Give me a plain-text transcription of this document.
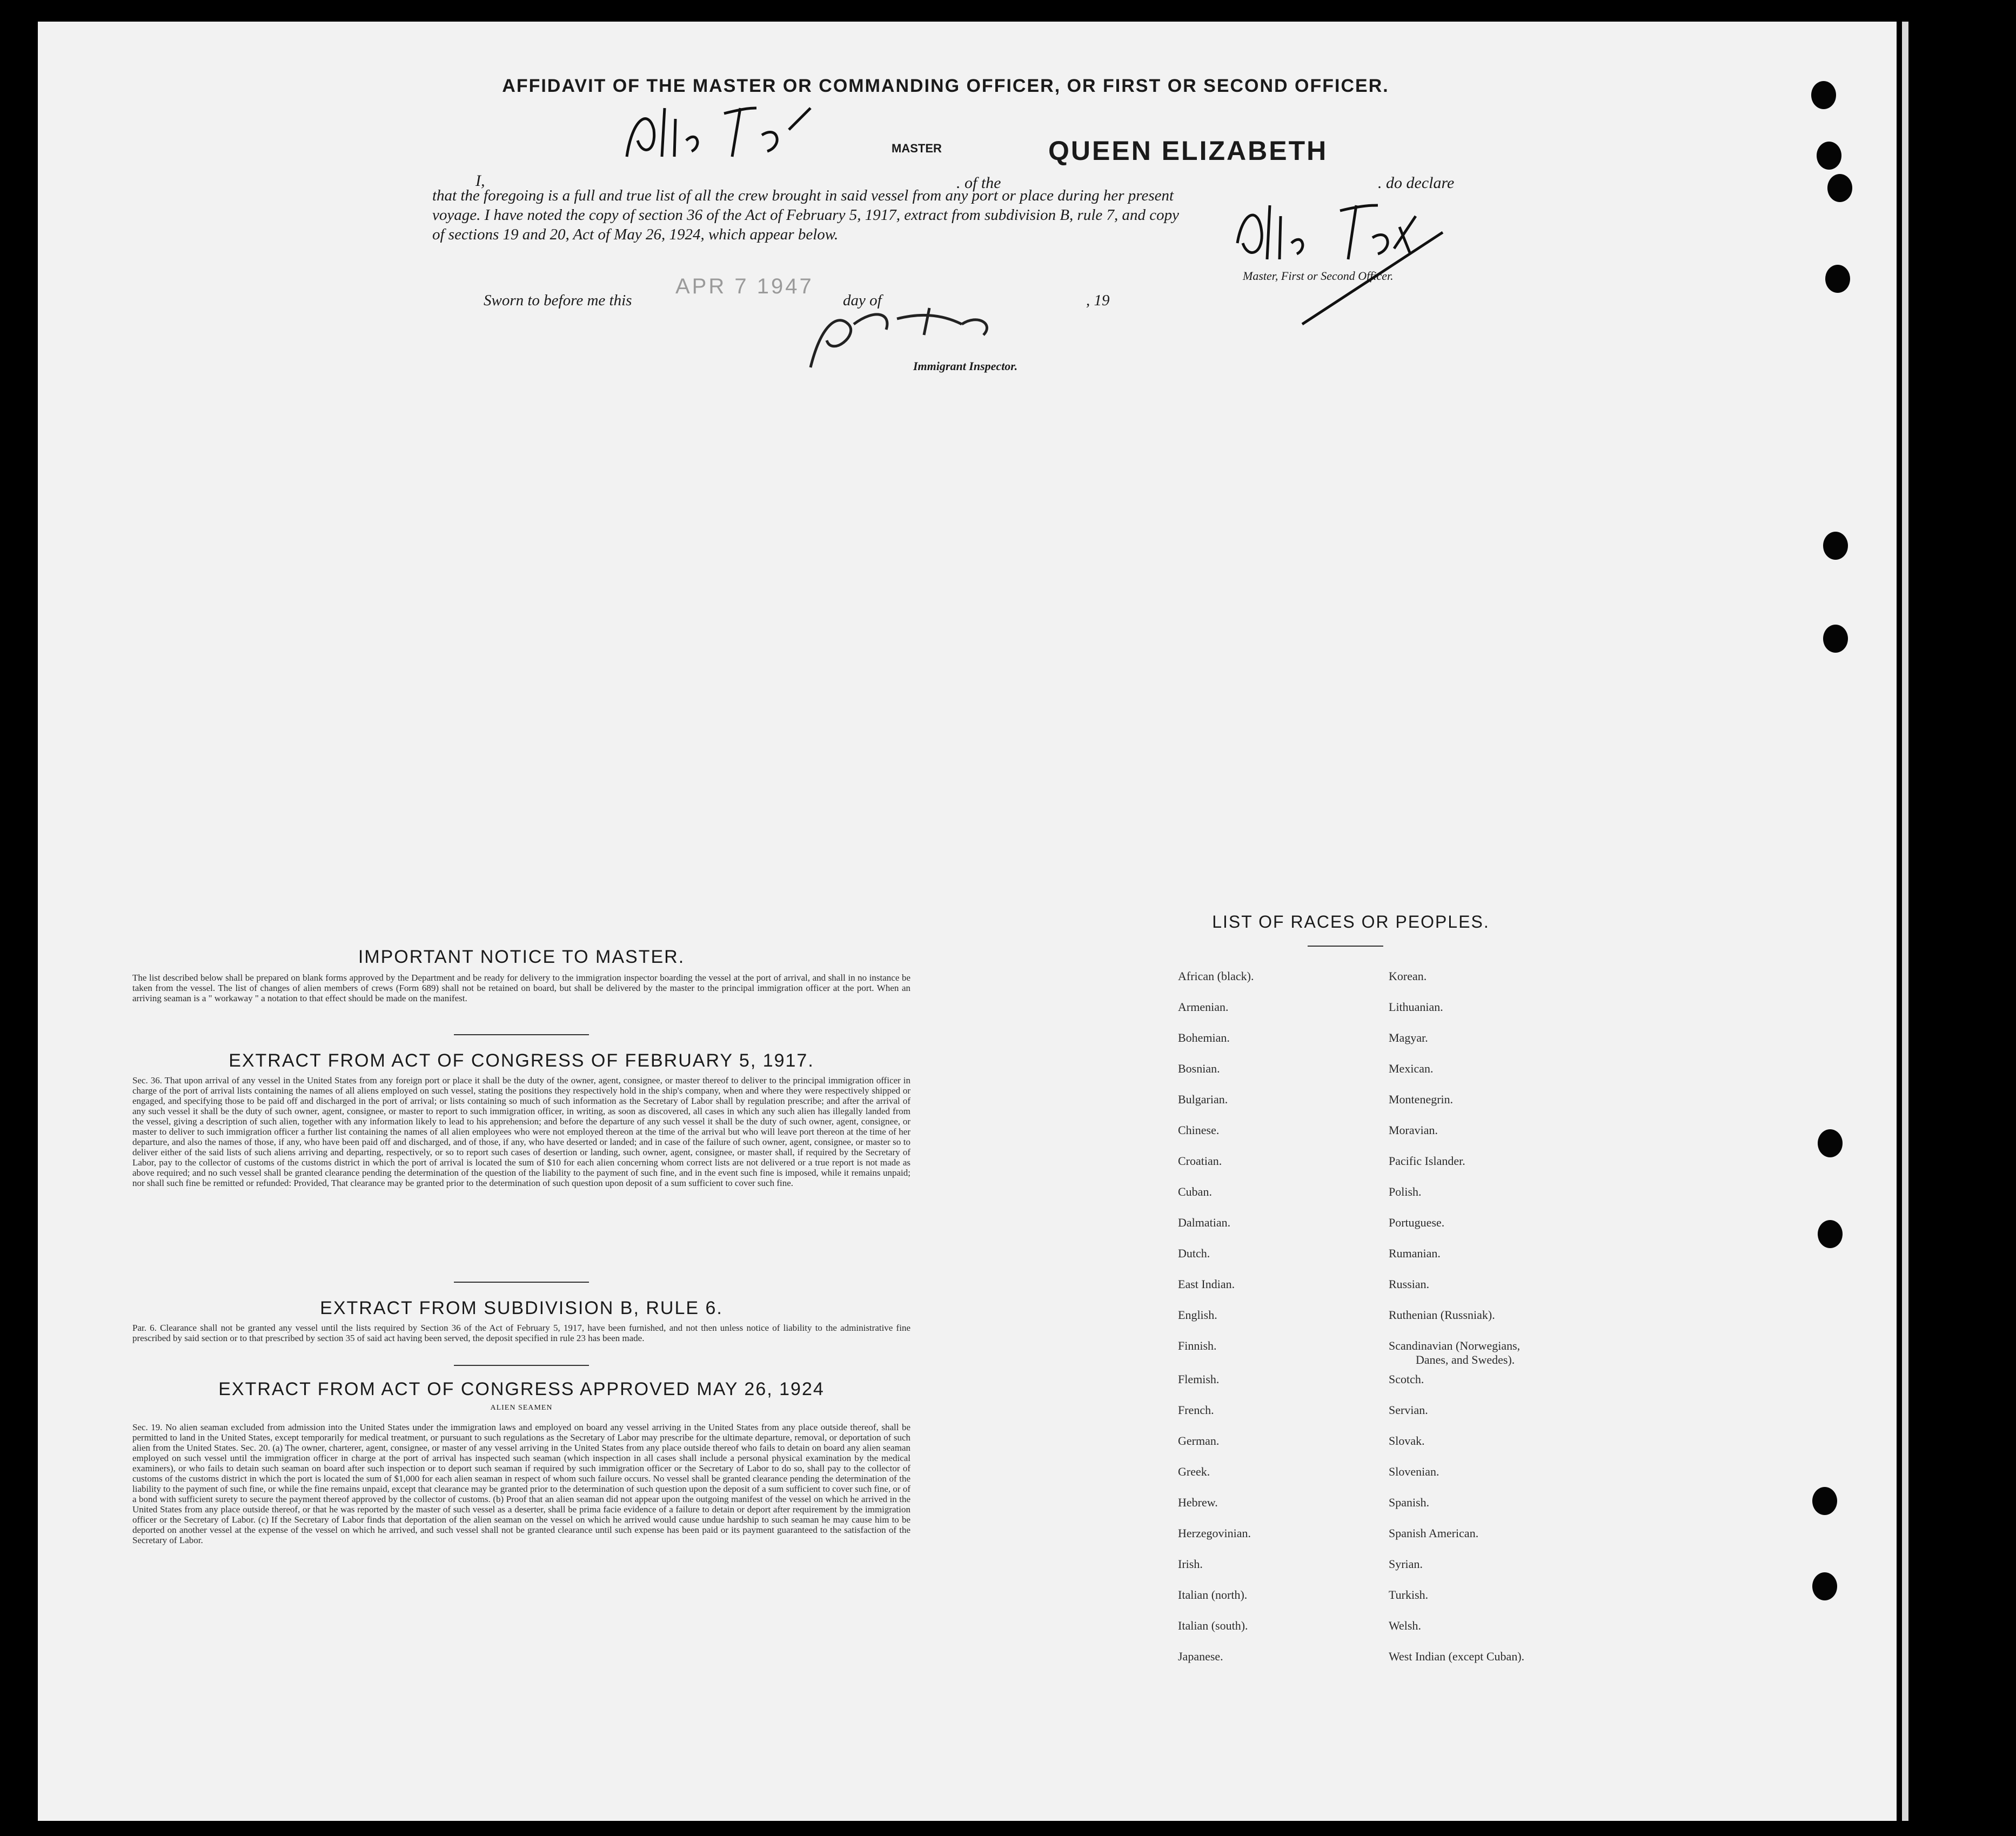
AFFIDAVIT OF THE MASTER OR COMMANDING OFFICER, OR FIRST OR SECOND OFFICER.
I,
MASTER
. of the
QUEEN ELIZABETH
. do declare
that the foregoing is a full and true list of all the crew brought in said vessel from any port or place during her present
voyage. I have noted the copy of section 36 of the Act of February 5, 1917, extract from subdivision B, rule 7, and copy
of sections 19 and 20, Act of May 26, 1924, which appear below.
Master, First or Second Officer.
Sworn to before me this
APR 7 1947
day of	, 19
Immigrant Inspector.
IMPORTANT NOTICE TO MASTER.
The list described below shall be prepared on blank forms approved by the Department and be ready for delivery to the immigration inspector boarding the vessel at the port of arrival, and shall in no instance be taken from the vessel. The list of changes of alien members of crews (Form 689) shall not be retained on board, but shall be delivered by the master to the principal immigration officer at the port. When an arriving seaman is a " workaway " a notation to that effect should be made on the manifest.
EXTRACT FROM ACT OF CONGRESS OF FEBRUARY 5, 1917.
Sec. 36. That upon arrival of any vessel in the United States from any foreign port or place it shall be the duty of the owner, agent, consignee, or master thereof to deliver to the principal immigration officer in charge of the port of arrival lists containing the names of all aliens employed on such vessel, stating the positions they respectively hold in the ship's company, when and where they were respectively shipped or engaged, and specifying those to be paid off and discharged in the port of arrival; or lists containing so much of such information as the Secretary of Labor shall by regulation prescribe; and after the arrival of any such vessel it shall be the duty of such owner, agent, consignee, or master to report to such immigration officer, in writing, as soon as discovered, all cases in which any such alien has illegally landed from the vessel, giving a description of such alien, together with any information likely to lead to his apprehension; and before the departure of any such vessel it shall be the duty of such owner, agent, consignee, or master to deliver to such immigration officer a further list containing the names of all alien employees who were not employed thereon at the time of the arrival but who will leave port thereon at the time of her departure, and also the names of those, if any, who have been paid off and discharged, and of those, if any, who have deserted or landed; and in case of the failure of such owner, agent, consignee, or master so to deliver either of the said lists of such aliens arriving and departing, respectively, or so to report such cases of desertion or landing, such owner, agent, consignee, or master shall, if required by the Secretary of Labor, pay to the collector of customs of the customs district in which the port of arrival is located the sum of $10 for each alien concerning whom correct lists are not delivered or a true report is not made as above required; and no such vessel shall be granted clearance pending the determination of the question of the liability to the payment of such fine, and in the event such fine is imposed, while it remains unpaid; nor shall such fine be remitted or refunded: Provided, That clearance may be granted prior to the determination of such question upon deposit of a sum sufficient to cover such fine.
EXTRACT FROM SUBDIVISION B, RULE 6.
Par. 6. Clearance shall not be granted any vessel until the lists required by Section 36 of the Act of February 5, 1917, have been furnished, and not then unless notice of liability to the administrative fine prescribed by said section or to that prescribed by section 35 of said act having been served, the deposit specified in rule 23 has been made.
EXTRACT FROM ACT OF CONGRESS APPROVED MAY 26, 1924
ALIEN SEAMEN
Sec. 19. No alien seaman excluded from admission into the United States under the immigration laws and employed on board any vessel arriving in the United States from any place outside thereof, shall be permitted to land in the United States, except temporarily for medical treatment, or pursuant to such regulations as the Secretary of Labor may prescribe for the ultimate departure, removal, or deportation of such alien from the United States. Sec. 20. (a) The owner, charterer, agent, consignee, or master of any vessel arriving in the United States from any place outside thereof who fails to detain on board any alien seaman employed on such vessel until the immigration officer in charge at the port of arrival has inspected such seaman (which inspection in all cases shall include a personal physical examination by the medical examiners), or who fails to detain such seaman on board after such inspection or to deport such seaman if required by such immigration officer or the Secretary of Labor to do so, shall pay to the collector of customs of the customs district in which the port is located the sum of $1,000 for each alien seaman in respect of whom such failure occurs. No vessel shall be granted clearance pending the determination of the liability to the payment of such fine, or while the fine remains unpaid, except that clearance may be granted prior to the determination of such question upon the deposit of a sum sufficient to cover such fine, or of a bond with sufficient surety to secure the payment thereof approved by the collector of customs. (b) Proof that an alien seaman did not appear upon the outgoing manifest of the vessel on which he arrived in the United States from any place outside thereof, or that he was reported by the master of such vessel as a deserter, shall be prima facie evidence of a failure to detain or deport after requirement by the immigration officer or the Secretary of Labor. (c) If the Secretary of Labor finds that deportation of the alien seaman on the vessel on which he arrived would cause undue hardship to such seaman he may cause him to be deported on another vessel at the expense of the vessel on which he arrived, and such vessel shall not be granted clearance until such expense has been paid or its payment guaranteed to the satisfaction of the Secretary of Labor.
LIST OF RACES OR PEOPLES.
African (black).
Armenian.
Bohemian.
Bosnian.
Bulgarian.
Chinese.
Croatian.
Cuban.
Dalmatian.
Dutch.
East Indian.
English.
Finnish.
Flemish.
French.
German.
Greek.
Hebrew.
Herzegovinian.
Irish.
Italian (north).
Italian (south).
Japanese.
Korean.
Lithuanian.
Magyar.
Mexican.
Montenegrin.
Moravian.
Pacific Islander.
Polish.
Portuguese.
Rumanian.
Russian.
Ruthenian (Russniak).
Scandinavian (Norwegians,
Danes, and Swedes).
Scotch.
Servian.
Slovak.
Slovenian.
Spanish.
Spanish American.
Syrian.
Turkish.
Welsh.
West Indian (except Cuban).
